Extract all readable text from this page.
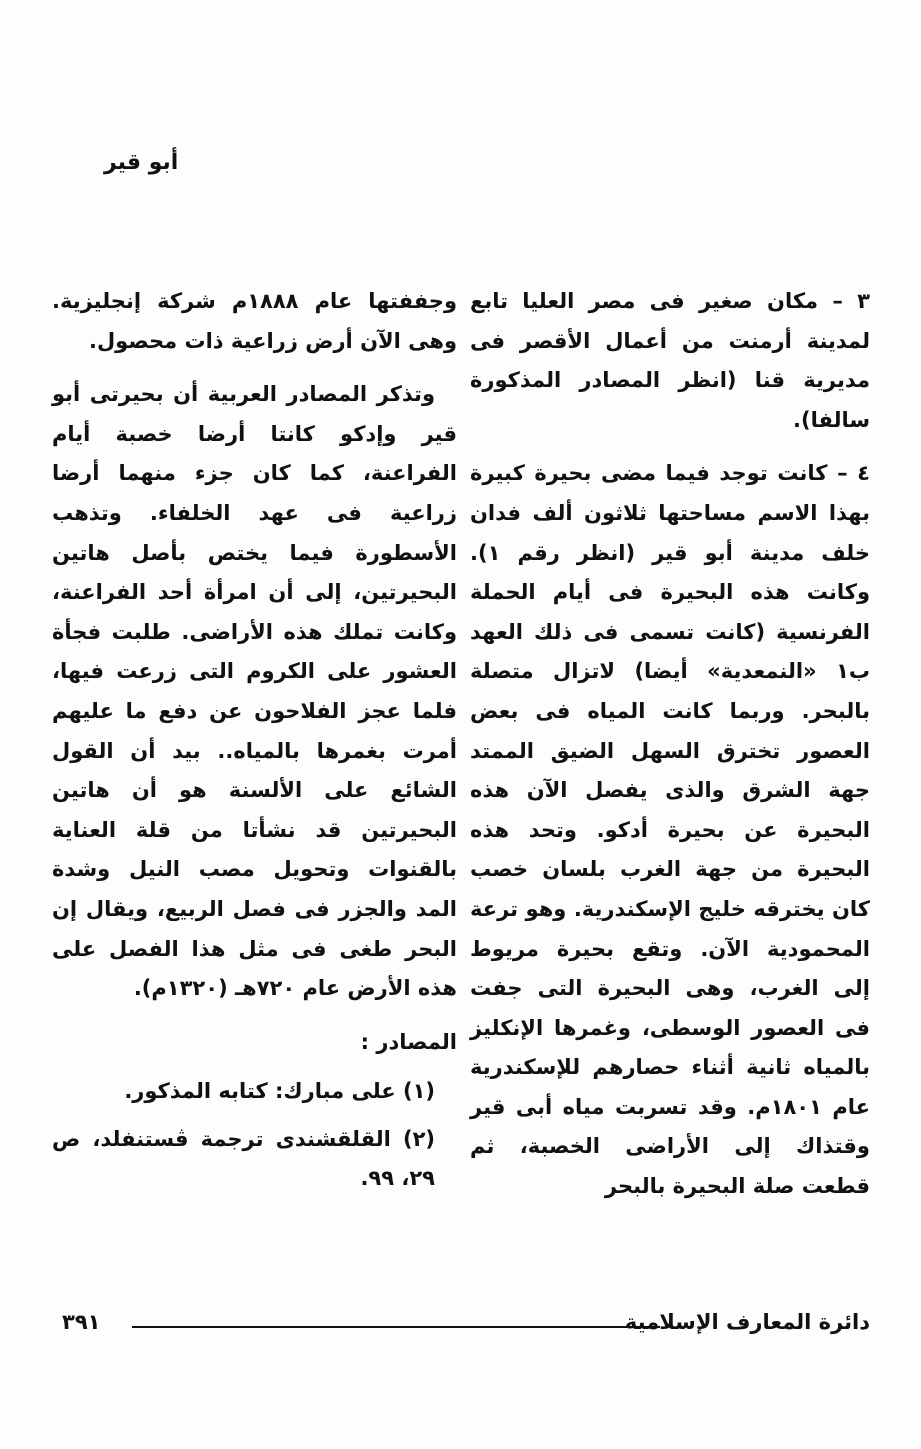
أبو قير

٣ – مكان صغير فى مصر العليا تابع لمدينة أرمنت من أعمال الأقصر فى مديرية قنا (انظر المصادر المذكورة سالفا).

٤ – كانت توجد فيما مضى بحيرة كبيرة بهذا الاسم مساحتها ثلاثون ألف فدان خلف مدينة أبو قير (انظر رقم ١). وكانت هذه البحيرة فى أيام الحملة الفرنسية (كانت تسمى فى ذلك العهد ب١ «النمعدية» أيضا) لاتزال متصلة بالبحر. وربما كانت المياه فى بعض العصور تخترق السهل الضيق الممتد جهة الشرق والذى يفصل الآن هذه البحيرة عن بحيرة أدكو. وتحد هذه البحيرة من جهة الغرب بلسان خصب كان يخترقه خليج الإسكندرية. وهو ترعة المحمودية الآن. وتقع بحيرة مريوط إلى الغرب، وهى البحيرة التى جفت فى العصور الوسطى، وغمرها الإنكليز بالمياه ثانية أثناء حصارهم للإسكندرية عام ١٨٠١م. وقد تسربت مياه أبى قير وقتذاك إلى الأراضى الخصبة، ثم قطعت صلة البحيرة بالبحر

وجففتها عام ١٨٨٨م شركة إنجليزية. وهى الآن أرض زراعية ذات محصول.

وتذكر المصادر العربية أن بحيرتى أبو قير وإدكو كانتا أرضا خصبة أيام الفراعنة، كما كان جزء منهما أرضا زراعية فى عهد الخلفاء. وتذهب الأسطورة فيما يختص بأصل هاتين البحيرتين، إلى أن امرأة أحد الفراعنة، وكانت تملك هذه الأراضى. طلبت فجأة العشور على الكروم التى زرعت فيها، فلما عجز الفلاحون عن دفع ما عليهم أمرت بغمرها بالمياه.. بيد أن القول الشائع على الألسنة هو أن هاتين البحيرتين قد نشأتا من قلة العناية بالقنوات وتحويل مصب النيل وشدة المد والجزر فى فصل الربيع، ويقال إن البحر طغى فى مثل هذا الفصل على هذه الأرض عام ٧٢٠هـ (١٣٢٠م).

المصادر :

(١) على مبارك: كتابه المذكور.

(٢) القلقشندى ترجمة ڤستنفلد، ص ٢٩، ٩٩.

دائرة المعارف الإسلامية
٣٩١
